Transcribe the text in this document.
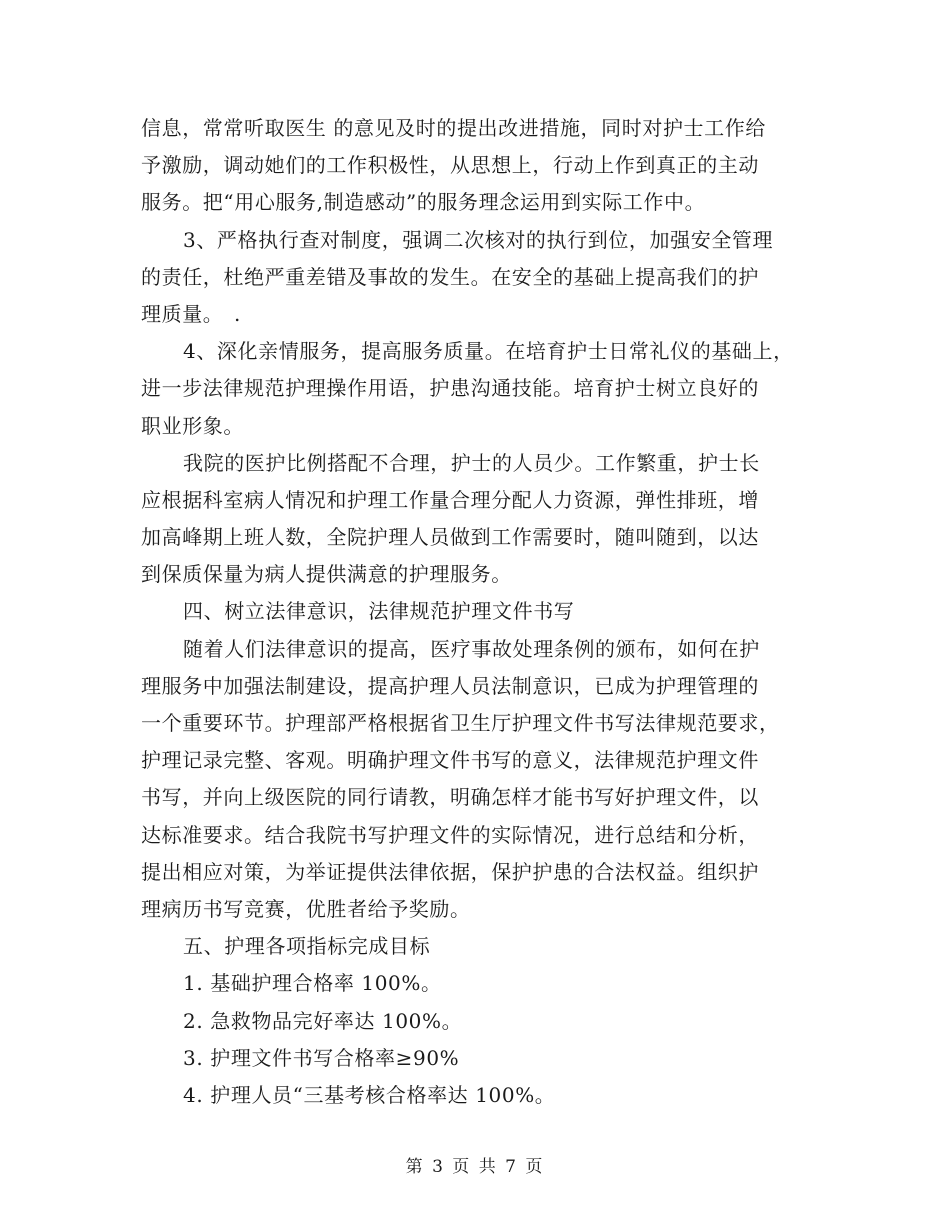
信息，常常听取医生 的意见及时的提出改进措施，同时对护士工作给
予激励，调动她们的工作积极性，从思想上，行动上作到真正的主动
服务。把“用心服务,制造感动”的服务理念运用到实际工作中。
3、严格执行查对制度，强调二次核对的执行到位，加强安全管理
的责任，杜绝严重差错及事故的发生。在安全的基础上提高我们的护
理质量。　.
4、深化亲情服务，提高服务质量。在培育护士日常礼仪的基础上，
进一步法律规范护理操作用语，护患沟通技能。培育护士树立良好的
职业形象。
我院的医护比例搭配不合理，护士的人员少。工作繁重，护士长
应根据科室病人情况和护理工作量合理分配人力资源，弹性排班，增
加高峰期上班人数，全院护理人员做到工作需要时，随叫随到，以达
到保质保量为病人提供满意的护理服务。
四、树立法律意识，法律规范护理文件书写
随着人们法律意识的提高，医疗事故处理条例的颁布，如何在护
理服务中加强法制建设，提高护理人员法制意识，已成为护理管理的
一个重要环节。护理部严格根据省卫生厅护理文件书写法律规范要求，
护理记录完整、客观。明确护理文件书写的意义，法律规范护理文件
书写，并向上级医院的同行请教，明确怎样才能书写好护理文件，以
达标准要求。结合我院书写护理文件的实际情况，进行总结和分析，
提出相应对策，为举证提供法律依据，保护护患的合法权益。组织护
理病历书写竞赛，优胜者给予奖励。
五、护理各项指标完成目标
1. 基础护理合格率 100%。
2. 急救物品完好率达 100%。
3. 护理文件书写合格率≥90%
4. 护理人员“三基考核合格率达 100%。
第 3 页 共 7 页
